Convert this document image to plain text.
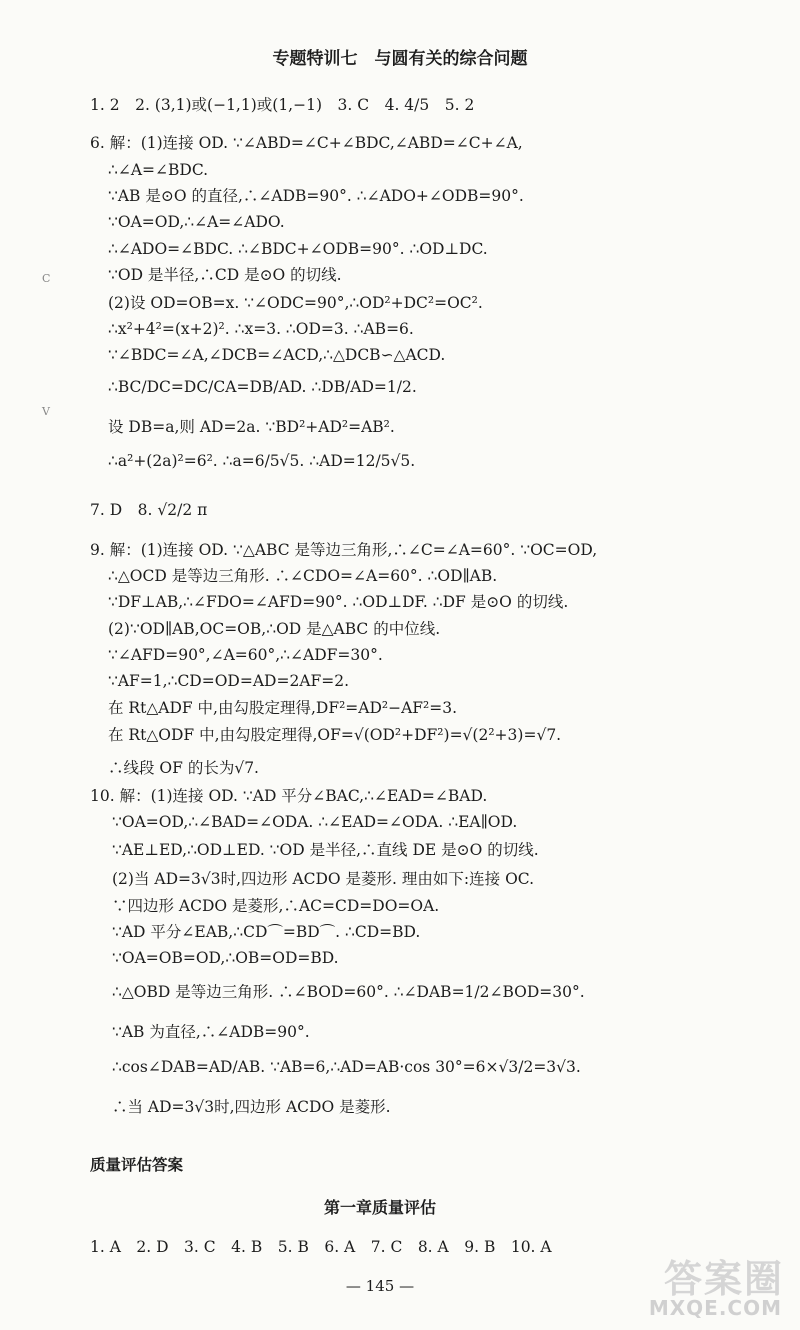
专题特训七　与圆有关的综合问题
1. 2　2. (3,1)或(−1,1)或(1,−1)　3. C　4. 4/5　5. 2
6. 解：(1)连接 OD. ∵∠ABD=∠C+∠BDC,∠ABD=∠C+∠A,
∴∠A=∠BDC.
∵AB 是⊙O 的直径,∴∠ADB=90°. ∴∠ADO+∠ODB=90°.
∵OA=OD,∴∠A=∠ADO.
∴∠ADO=∠BDC. ∴∠BDC+∠ODB=90°. ∴OD⊥DC.
∵OD 是半径,∴CD 是⊙O 的切线.
(2)设 OD=OB=x. ∵∠ODC=90°,∴OD²+DC²=OC².
∴x²+4²=(x+2)². ∴x=3. ∴OD=3. ∴AB=6.
∵∠BDC=∠A,∠DCB=∠ACD,∴△DCB∽△ACD.
∴BC/DC=DC/CA=DB/AD. ∴DB/AD=1/2.
设 DB=a,则 AD=2a. ∵BD²+AD²=AB².
∴a²+(2a)²=6². ∴a=6/5√5. ∴AD=12/5√5.
7. D　8. √2/2 π
9. 解：(1)连接 OD. ∵△ABC 是等边三角形,∴∠C=∠A=60°. ∵OC=OD,
∴△OCD 是等边三角形. ∴∠CDO=∠A=60°. ∴OD∥AB.
∵DF⊥AB,∴∠FDO=∠AFD=90°. ∴OD⊥DF. ∴DF 是⊙O 的切线.
(2)∵OD∥AB,OC=OB,∴OD 是△ABC 的中位线.
∵∠AFD=90°,∠A=60°,∴∠ADF=30°.
∵AF=1,∴CD=OD=AD=2AF=2.
在 Rt△ADF 中,由勾股定理得,DF²=AD²−AF²=3.
在 Rt△ODF 中,由勾股定理得,OF=√(OD²+DF²)=√(2²+3)=√7.
∴线段 OF 的长为√7.
10. 解：(1)连接 OD. ∵AD 平分∠BAC,∴∠EAD=∠BAD.
∵OA=OD,∴∠BAD=∠ODA. ∴∠EAD=∠ODA. ∴EA∥OD.
∵AE⊥ED,∴OD⊥ED. ∵OD 是半径,∴直线 DE 是⊙O 的切线.
(2)当 AD=3√3时,四边形 ACDO 是菱形. 理由如下:连接 OC.
∵四边形 ACDO 是菱形,∴AC=CD=DO=OA.
∵AD 平分∠EAB,∴CD⌒=BD⌒. ∴CD=BD.
∵OA=OB=OD,∴OB=OD=BD.
∴△OBD 是等边三角形. ∴∠BOD=60°. ∴∠DAB=1/2∠BOD=30°.
∵AB 为直径,∴∠ADB=90°.
∴cos∠DAB=AD/AB. ∵AB=6,∴AD=AB·cos 30°=6×√3/2=3√3.
∴当 AD=3√3时,四边形 ACDO 是菱形.
质量评估答案
第一章质量评估
1. A　2. D　3. C　4. B　5. B　6. A　7. C　8. A　9. B　10. A
— 145 —
C
V
答案圈
MXQE.COM
